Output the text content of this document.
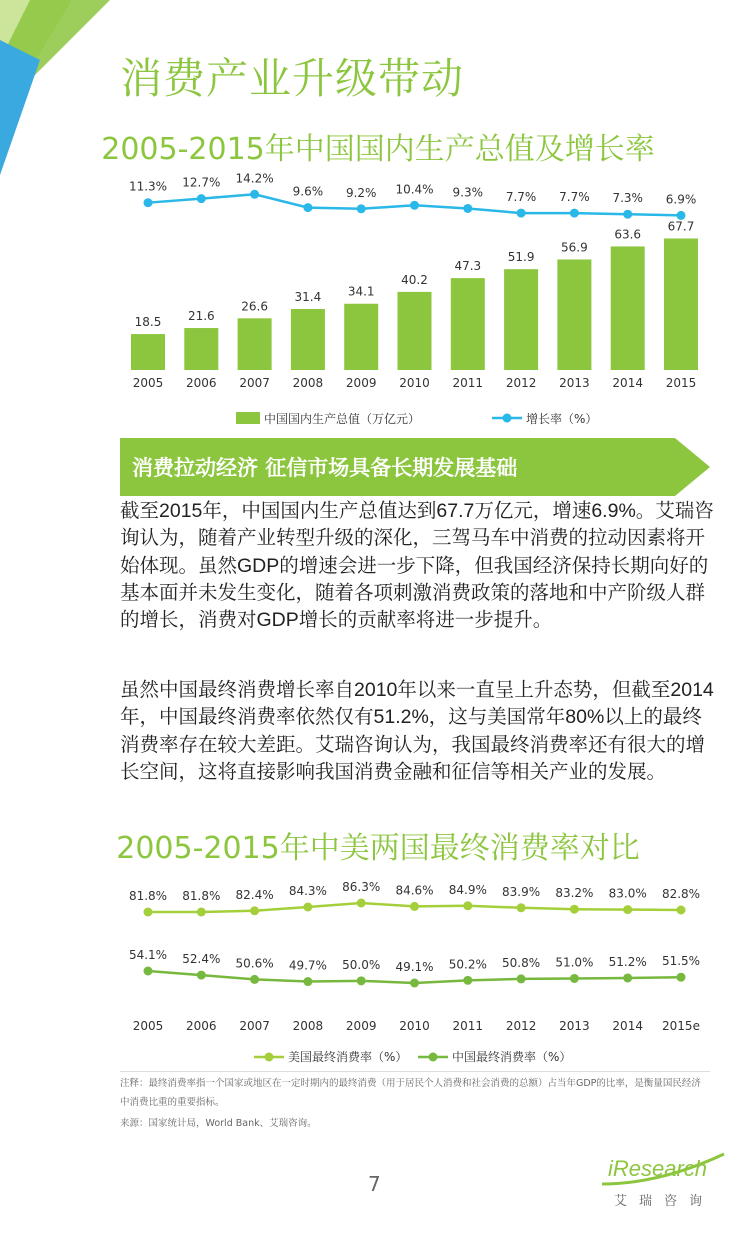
消费产业升级带动
2005-2015年中国国内生产总值及增长率
18.5
2005
21.6
2006
26.6
2007
31.4
2008
34.1
2009
40.2
2010
47.3
2011
51.9
2012
56.9
2013
63.6
2014
67.7
2015
11.3% 12.7% 14.2%
9.6% 9.2% 10.4% 9.3% 7.7% 7.7% 7.3% 6.9%
中国国内生产总值（万亿元）	增长率（%）
消费拉动经济 征信市场具备长期发展基础
截至2015年，中国国内生产总值达到67.7万亿元，增速6.9%。艾瑞咨询认为，随着产业转型升级的深化，三驾马车中消费的拉动因素将开始体现。虽然GDP的增速会进一步下降，但我国经济保持长期向好的基本面并未发生变化，随着各项刺激消费政策的落地和中产阶级人群的增长，消费对GDP增长的贡献率将进一步提升。
虽然中国最终消费增长率自2010年以来一直呈上升态势，但截至2014年，中国最终消费率依然仅有51.2%，这与美国常年80%以上的最终消费率存在较大差距。艾瑞咨询认为，我国最终消费率还有很大的增长空间，这将直接影响我国消费金融和征信等相关产业的发展。
2005-2015年中美两国最终消费率对比
81.8% 81.8% 82.4% 84.3% 86.3% 84.6% 84.9% 83.9% 83.2% 83.0% 82.8%
54.1% 52.4% 50.6% 49.7% 50.0% 49.1% 50.2% 50.8% 51.0% 51.2% 51.5%
2005 2006 2007 2008 2009 2010 2011 2012 2013 2014 2015e
美国最终消费率（%）	中国最终消费率（%）
注释：最终消费率指一个国家或地区在一定时期内的最终消费（用于居民个人消费和社会消费的总额）占当年GDP的比率，是衡量国民经济中消费比重的重要指标。
来源：国家统计局，World Bank、艾瑞咨询。
7
iResearch
艾瑞咨询
